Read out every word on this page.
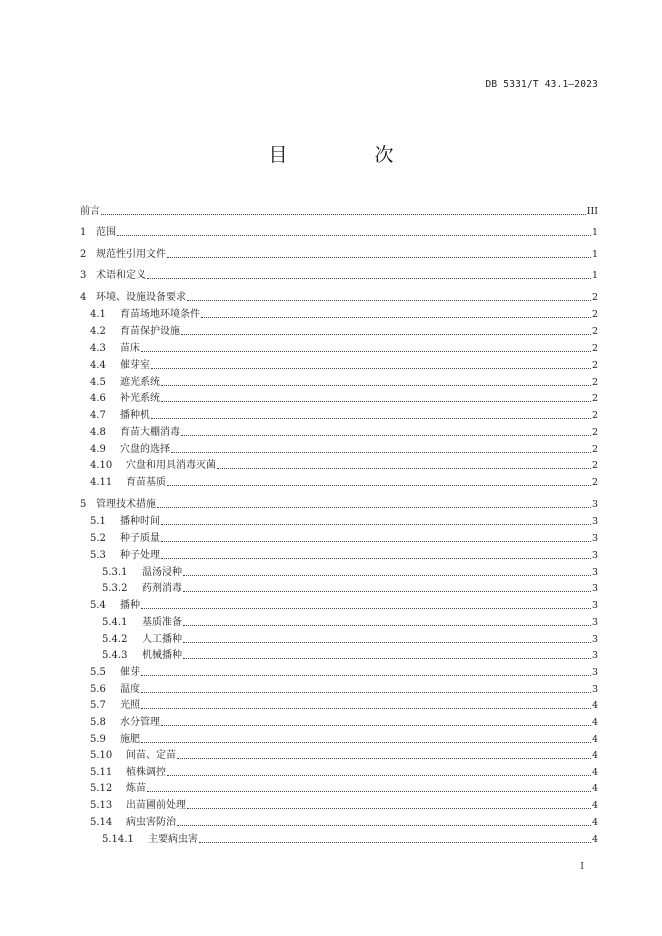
DB 5331/T 43.1—2023
目　次
前言	III
1 范围	1
2 规范性引用文件	1
3 术语和定义	1
4 环境、设施设备要求	2
4.1	育苗场地环境条件	2
4.2	育苗保护设施	2
4.3	苗床	2
4.4	催芽室	2
4.5	遮光系统	2
4.6	补光系统	2
4.7	播种机	2
4.8	育苗大棚消毒	2
4.9	穴盘的选择	2
4.10	穴盘和用具消毒灭菌	2
4.11	育苗基质	2
5 管理技术措施	3
5.1	播种时间	3
5.2	种子质量	3
5.3	种子处理	3
5.3.1	温汤浸种	3
5.3.2	药剂消毒	3
5.4	播种	3
5.4.1	基质准备	3
5.4.2	人工播种	3
5.4.3	机械播种	3
5.5	催芽	3
5.6	温度	3
5.7	光照	4
5.8	水分管理	4
5.9	施肥	4
5.10	间苗、定苗	4
5.11	植株调控	4
5.12	炼苗	4
5.13	出苗圃前处理	4
5.14	病虫害防治	4
5.14.1	主要病虫害	4
I
